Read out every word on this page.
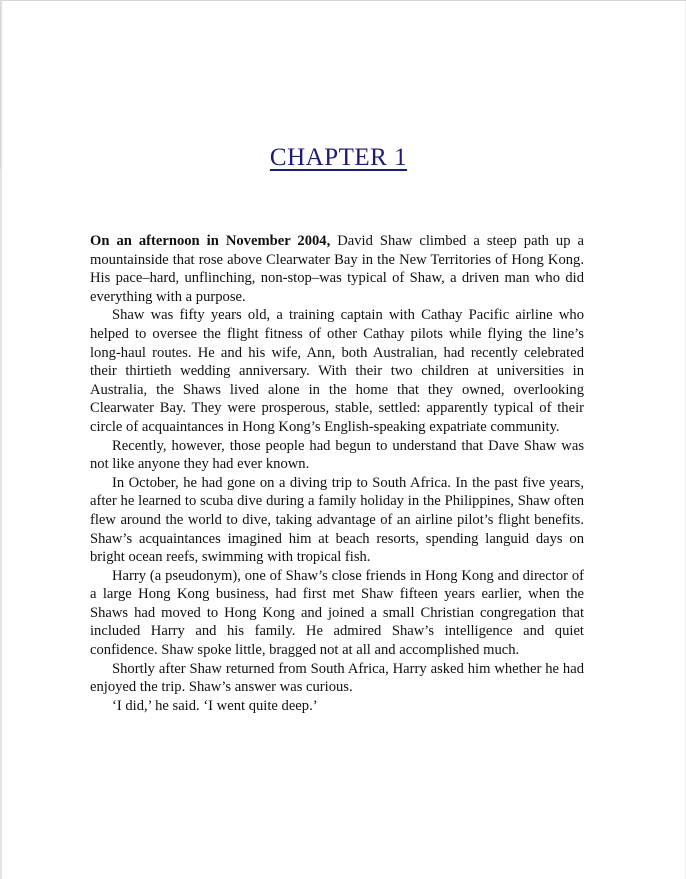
CHAPTER 1

On an afternoon in November 2004, David Shaw climbed a steep path up a mountainside that rose above Clearwater Bay in the New Territories of Hong Kong. His pace–hard, unflinching, non-stop–was typical of Shaw, a driven man who did everything with a purpose.

Shaw was fifty years old, a training captain with Cathay Pacific airline who helped to oversee the flight fitness of other Cathay pilots while flying the line’s long-haul routes. He and his wife, Ann, both Australian, had recently celebrated their thirtieth wedding anniversary. With their two children at universities in Australia, the Shaws lived alone in the home that they owned, overlooking Clearwater Bay. They were prosperous, stable, settled: apparently typical of their circle of acquaintances in Hong Kong’s English-speaking expatriate community.

Recently, however, those people had begun to understand that Dave Shaw was not like anyone they had ever known.

In October, he had gone on a diving trip to South Africa. In the past five years, after he learned to scuba dive during a family holiday in the Philippines, Shaw often flew around the world to dive, taking advantage of an airline pilot’s flight benefits. Shaw’s acquaintances imagined him at beach resorts, spending languid days on bright ocean reefs, swimming with tropical fish.

Harry (a pseudonym), one of Shaw’s close friends in Hong Kong and director of a large Hong Kong business, had first met Shaw fifteen years earlier, when the Shaws had moved to Hong Kong and joined a small Christian congregation that included Harry and his family. He admired Shaw’s intelligence and quiet confidence. Shaw spoke little, bragged not at all and accomplished much.

Shortly after Shaw returned from South Africa, Harry asked him whether he had enjoyed the trip. Shaw’s answer was curious.

‘I did,’ he said. ‘I went quite deep.’
